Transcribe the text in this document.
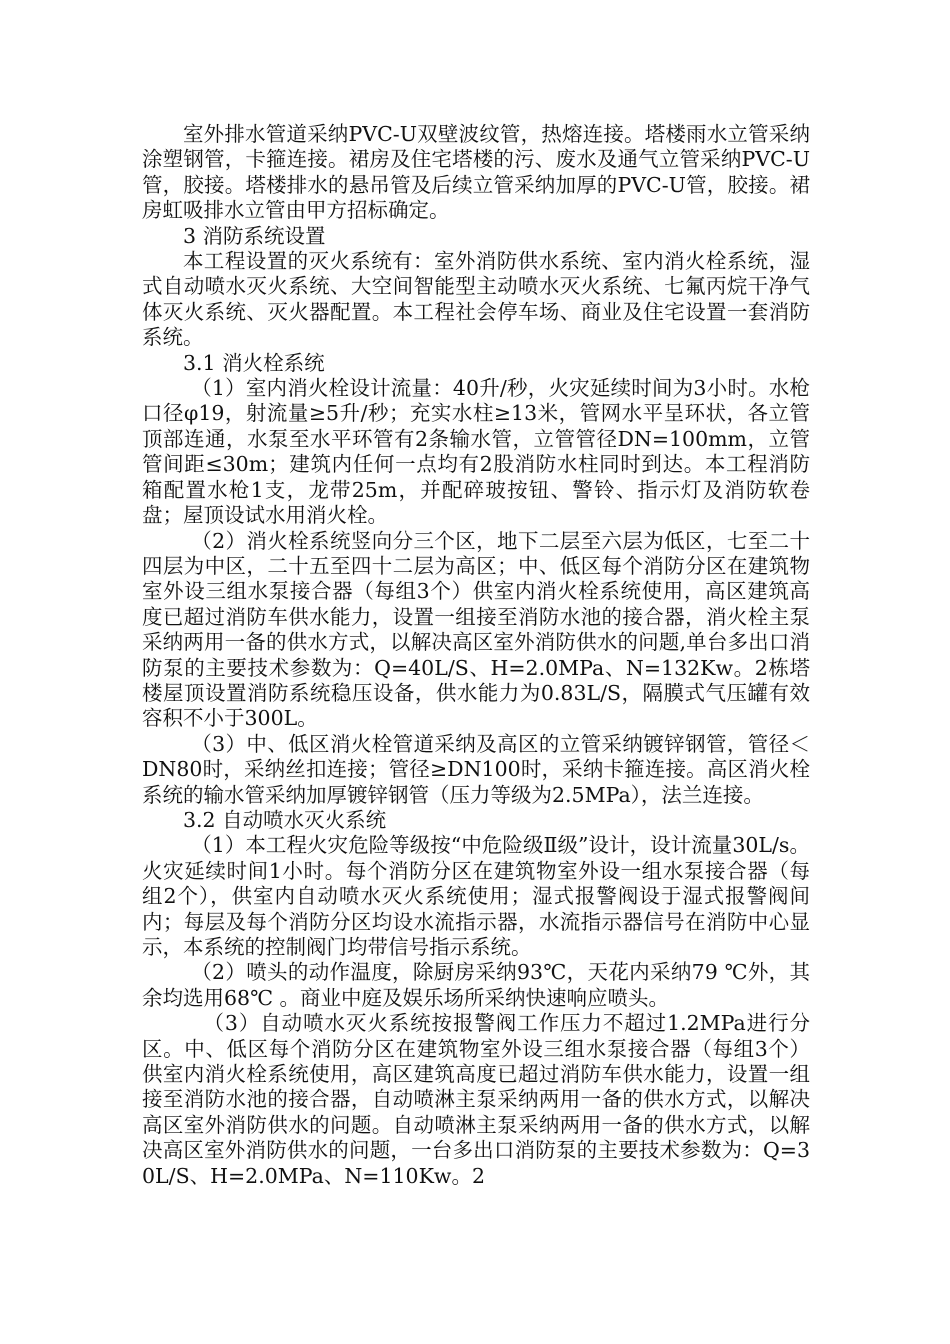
室外排水管道采纳PVC-U双壁波纹管，热熔连接。塔楼雨水立管采纳涂塑钢管，卡箍连接。裙房及住宅塔楼的污、废水及通气立管采纳PVC-U管，胶接。塔楼排水的悬吊管及后续立管采纳加厚的PVC-U管，胶接。裙房虹吸排水立管由甲方招标确定。

3 消防系统设置

本工程设置的灭火系统有：室外消防供水系统、室内消火栓系统，湿式自动喷水灭火系统、大空间智能型主动喷水灭火系统、七氟丙烷干净气体灭火系统、灭火器配置。本工程社会停车场、商业及住宅设置一套消防系统。

3.1 消火栓系统

（1）室内消火栓设计流量：40升/秒，火灾延续时间为3小时。水枪口径φ19，射流量≥5升/秒；充实水柱≥13米，管网水平呈环状，各立管顶部连通，水泵至水平环管有2条输水管，立管管径DN=100mm，立管管间距≤30m；建筑内任何一点均有2股消防水柱同时到达。本工程消防箱配置水枪1支，龙带25m，并配碎玻按钮、警铃、指示灯及消防软卷盘；屋顶设试水用消火栓。

（2）消火栓系统竖向分三个区，地下二层至六层为低区，七至二十四层为中区，二十五至四十二层为高区；中、低区每个消防分区在建筑物室外设三组水泵接合器（每组3个）供室内消火栓系统使用，高区建筑高度已超过消防车供水能力，设置一组接至消防水池的接合器，消火栓主泵采纳两用一备的供水方式，以解决高区室外消防供水的问题,单台多出口消防泵的主要技术参数为：Q=40L/S、H=2.0MPa、N=132Kw。2栋塔楼屋顶设置消防系统稳压设备，供水能力为0.83L/S，隔膜式气压罐有效容积不小于300L。

（3）中、低区消火栓管道采纳及高区的立管采纳镀锌钢管，管径＜DN80时，采纳丝扣连接；管径≥DN100时，采纳卡箍连接。高区消火栓系统的输水管采纳加厚镀锌钢管（压力等级为2.5MPa），法兰连接。

3.2 自动喷水灭火系统

（1）本工程火灾危险等级按“中危险级Ⅱ级”设计，设计流量30L/s。火灾延续时间1小时。每个消防分区在建筑物室外设一组水泵接合器（每组2个），供室内自动喷水灭火系统使用；湿式报警阀设于湿式报警阀间内；每层及每个消防分区均设水流指示器，水流指示器信号在消防中心显示，本系统的控制阀门均带信号指示系统。

（2）喷头的动作温度，除厨房采纳93℃，天花内采纳79 ℃外，其余均选用68℃ 。商业中庭及娱乐场所采纳快速响应喷头。

（3）自动喷水灭火系统按报警阀工作压力不超过1.2MPa进行分区。中、低区每个消防分区在建筑物室外设三组水泵接合器（每组3个）供室内消火栓系统使用，高区建筑高度已超过消防车供水能力，设置一组接至消防水池的接合器，自动喷淋主泵采纳两用一备的供水方式，以解决高区室外消防供水的问题。自动喷淋主泵采纳两用一备的供水方式，以解决高区室外消防供水的问题，一台多出口消防泵的主要技术参数为：Q=30L/S、H=2.0MPa、N=110Kw。2
